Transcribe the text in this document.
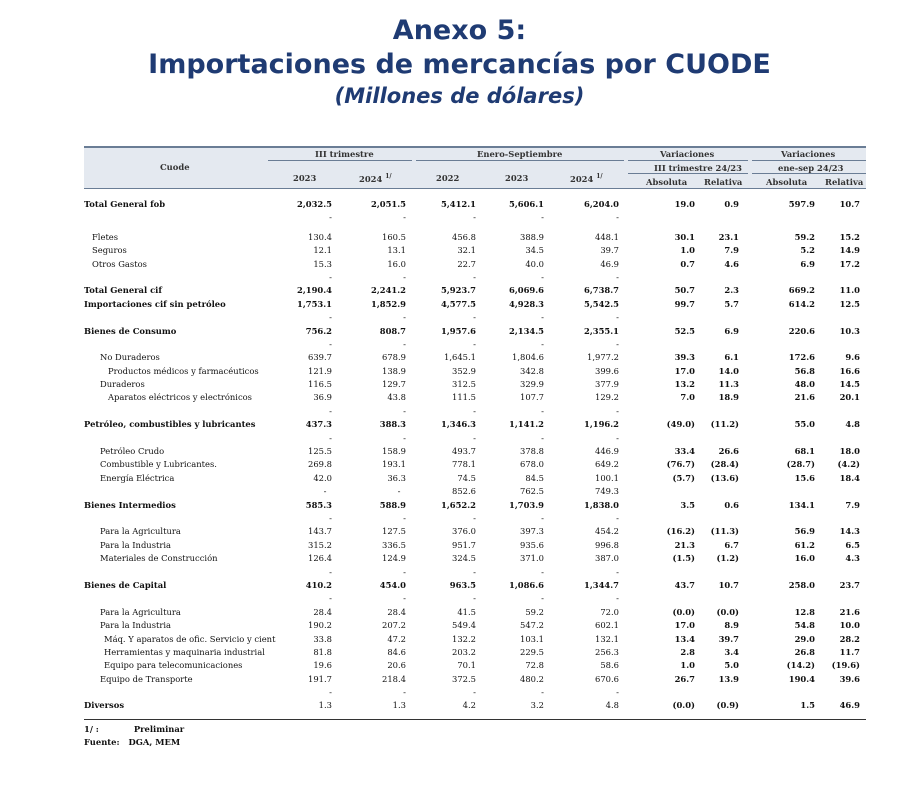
Anexo 5:
Importaciones de mercancías por CUODE
(Millones de dólares)
Cuode
III trimestre	Enero-Septiembre	Variaciones
III trimestre 24/23
Variaciones
ene-sep 24/23
2023	2024 $^{1/}$	2022	2023	2024 $^{1/}$
Absoluta Relativa	Absoluta Relativa
Total General fob	2,032.5	2,051.5	5,412.1	5,606.1	6,204.0	19.0	0.9	597.9	10.7
-	-	-	-	-
Fletes	130.4	160.5	456.8	388.9	448.1	30.1	23.1	59.2	15.2
Seguros	12.1	13.1	32.1	34.5	39.7	1.0	7.9	5.2	14.9
Otros Gastos	15.3	16.0	22.7	40.0	46.9	0.7	4.6	6.9	17.2
-	-	-	-	-
Total General cif	2,190.4	2,241.2	5,923.7	6,069.6	6,738.7	50.7	2.3	669.2	11.0
Importaciones cif sin petróleo	1,753.1	1,852.9	4,577.5	4,928.3	5,542.5	99.7	5.7	614.2	12.5
-	-	-	-	-
Bienes de Consumo	756.2	808.7	1,957.6	2,134.5	2,355.1	52.5	6.9	220.6	10.3
-	-	-	-	-
No Duraderos	639.7	678.9	1,645.1	1,804.6	1,977.2	39.3	6.1	172.6	9.6
Productos médicos y farmacéuticos	121.9	138.9	352.9	342.8	399.6	17.0	14.0	56.8	16.6
Duraderos	116.5	129.7	312.5	329.9	377.9	13.2	11.3	48.0	14.5
Aparatos eléctricos y electrónicos	36.9	43.8	111.5	107.7	129.2	7.0	18.9	21.6	20.1
-	-	-	-	-
Petróleo, combustibles y lubricantes	437.3	388.3	1,346.3	1,141.2	1,196.2	(49.0)	(11.2)	55.0	4.8
-	-	-	-	-
Petróleo Crudo	125.5	158.9	493.7	378.8	446.9	33.4	26.6	68.1	18.0
Combustible y Lubricantes.	269.8	193.1	778.1	678.0	649.2	(76.7)	(28.4)	(28.7)	(4.2)
Energía Eléctrica	42.0	36.3	74.5	84.5	100.1	(5.7)	(13.6)	15.6	18.4
-	-	852.6	762.5	749.3
Bienes Intermedios	585.3	588.9	1,652.2	1,703.9	1,838.0	3.5	0.6	134.1	7.9
-	-	-	-	-
Para la Agricultura	143.7	127.5	376.0	397.3	454.2	(16.2)	(11.3)	56.9	14.3
Para la Industria	315.2	336.5	951.7	935.6	996.8	21.3	6.7	61.2	6.5
Materiales de Construcción	126.4	124.9	324.5	371.0	387.0	(1.5)	(1.2)	16.0	4.3
-	-	-	-	-
Bienes de Capital	410.2	454.0	963.5	1,086.6	1,344.7	43.7	10.7	258.0	23.7
-	-	-	-	-
Para la Agricultura	28.4	28.4	41.5	59.2	72.0	(0.0)	(0.0)	12.8	21.6
Para la Industria	190.2	207.2	549.4	547.2	602.1	17.0	8.9	54.8	10.0
Máq. Y aparatos de ofic. Servicio y cient	33.8	47.2	132.2	103.1	132.1	13.4	39.7	29.0	28.2
Herramientas y maquinaria industrial	81.8	84.6	203.2	229.5	256.3	2.8	3.4	26.8	11.7
Equipo para telecomunicaciones	19.6	20.6	70.1	72.8	58.6	1.0	5.0	(14.2)	(19.6)
Equipo de Transporte	191.7	218.4	372.5	480.2	670.6	26.7	13.9	190.4	39.6
-	-	-	-	-
Diversos	1.3	1.3	4.2	3.2	4.8	(0.0)	(0.9)	1.5	46.9
1/ :	Preliminar
Fuente: DGA, MEM
